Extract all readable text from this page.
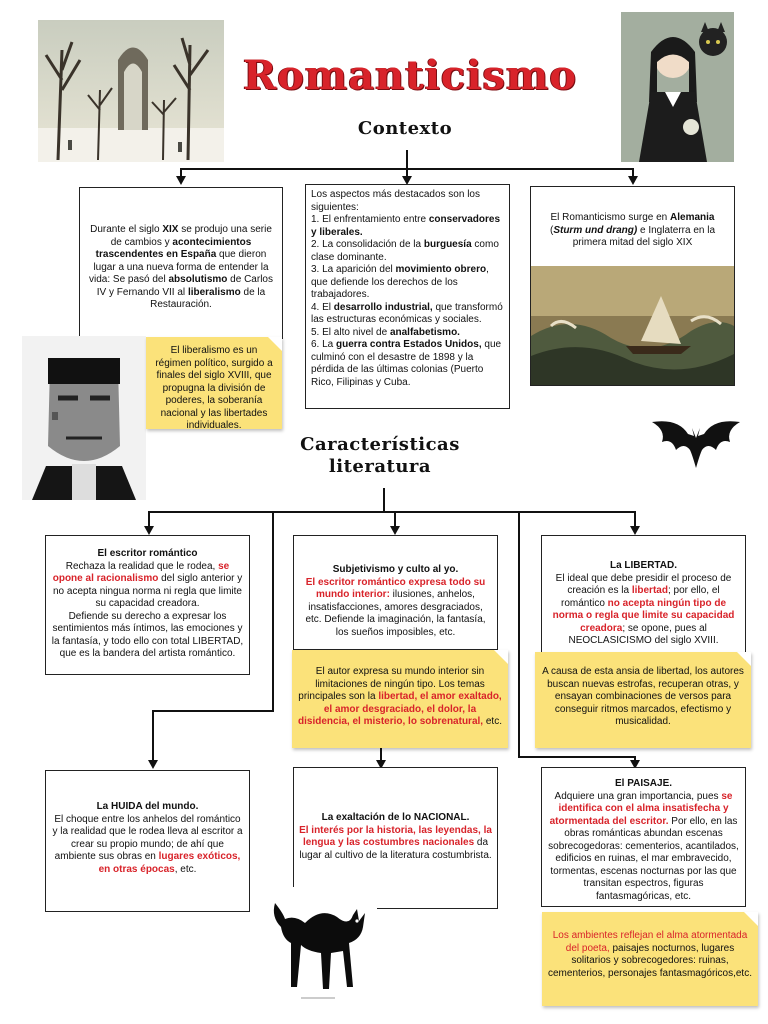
Romanticismo
Contexto
Durante el siglo XIX se produjo una serie de cambios y acontecimientos trascendentes en España que dieron lugar a una nueva forma de entender la vida: Se pasó del absolutismo de Carlos IV y Fernando VII al liberalismo de la Restauración.
El liberalismo es un régimen político, surgido a finales del siglo XVIII, que propugna la división de poderes, la soberanía nacional y las libertades individuales.
Los aspectos más destacados son los siguientes:
1. El enfrentamiento entre conservadores y liberales.
2. La consolidación de la burguesía como clase dominante.
3. La aparición del movimiento obrero, que defiende los derechos de los trabajadores.
4. El desarrollo industrial, que transformó las estructuras económicas y sociales.
5. El alto nivel de analfabetismo.
6. La guerra contra Estados Unidos, que culminó con el desastre de 1898 y la pérdida de las últimas colonias (Puerto Rico, Filipinas y Cuba.
El Romanticismo surge en Alemania (Sturm und drang) e Inglaterra en la primera mitad del siglo XIX
Características
literatura
El escritor romántico
Rechaza la realidad que le rodea, se opone al racionalismo del siglo anterior y no acepta ningua norma ni regla que limite su capacidad creadora.
Defiende su derecho a expresar los sentimientos más íntimos, las emociones y la fantasía, y todo ello con total LIBERTAD, que es la bandera del artista romántico.
Subjetivismo y culto al yo.
El escritor romántico expresa todo su mundo interior: ilusiones, anhelos, insatisfacciones, amores desgraciados, etc. Defiende la imaginación, la fantasía, los sueños imposibles, etc.
El autor expresa su mundo interior sin limitaciones de ningún tipo. Los temas principales son la libertad, el amor exaltado, el amor desgraciado, el dolor, la disidencia, el misterio, lo sobrenatural, etc.
La LIBERTAD.
El ideal que debe presidir el proceso de creación es la libertad; por ello, el romántico no acepta ningún tipo de norma o regla que limite su capacidad creadora; se opone, pues al NEOCLASICISMO del siglo XVIII.
A causa de esta ansia de libertad, los autores buscan nuevas estrofas, recuperan otras, y ensayan combinaciones de versos para conseguir ritmos marcados, efectismo y musicalidad.
La HUIDA del mundo.
El choque entre los anhelos del romántico y la realidad que le rodea lleva al escritor a crear su propio mundo; de ahí que ambiente sus obras en lugares exóticos, en otras épocas, etc.
La exaltación de lo NACIONAL.
El interés por la historia, las leyendas, la lengua y las costumbres nacionales da lugar al cultivo de la literatura costumbrista.
El PAISAJE.
Adquiere una gran importancia, pues se identifica con el alma insatisfecha y atormentada del escritor. Por ello, en las obras románticas abundan escenas sobrecogedoras: cementerios, acantilados, edificios en ruinas, el mar embravecido, tormentas, escenas nocturnas por las que transitan espectros, figuras fantasmagóricas, etc.
Los ambientes reflejan el alma atormentada del poeta, paisajes nocturnos, lugares solitarios y sobrecogedores: ruinas, cementerios, personajes fantasmagóricos,etc.
